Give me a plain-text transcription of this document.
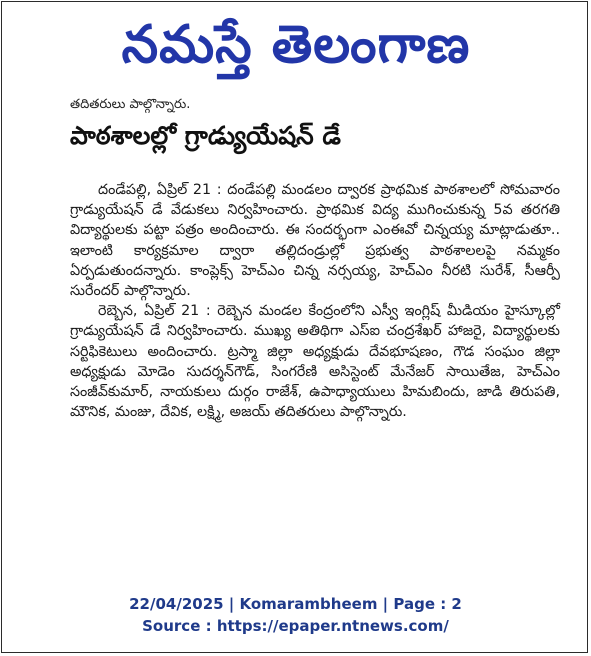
నమస్తే తెలంగాణ
తదితరులు పాల్గొన్నారు.
పాఠశాలల్లో గ్రాడ్యుయేషన్ డే

దండేపల్లి, ఏప్రిల్ 21 : దండేపల్లి మండలం ద్వారక ప్రాథమిక పాఠశాలలో సోమవారం గ్రాడ్యుయేషన్ డే వేడుకలు నిర్వహించారు. ప్రాథమిక విద్య ముగించుకున్న 5వ తరగతి విద్యార్థులకు పట్టా పత్రం అందించారు. ఈ సందర్భంగా ఎంఈవో చిన్నయ్య మాట్లాడుతూ.. ఇలాంటి కార్యక్రమాల ద్వారా తల్లిదండ్రుల్లో ప్రభుత్వ పాఠశాలలపై నమ్మకం ఏర్పడుతుందన్నారు. కాంప్లెక్స్ హెచ్ఎం చిన్న నర్సయ్య, హెచ్ఎం నీరటి సురేశ్, సీఆర్పీ సురేందర్ పాల్గొన్నారు.

రెబ్బెన, ఏప్రిల్ 21 : రెబ్బెన మండల కేంద్రంలోని ఎస్వీ ఇంగ్లిష్ మీడియం హైస్కూల్లో గ్రాడ్యుయేషన్ డే నిర్వహించారు. ముఖ్య అతిథిగా ఎస్ఐ చంద్రశేఖర్ హాజరై, విద్యార్థులకు సర్టిఫికెటులు అందించారు. ట్రస్మా జిల్లా అధ్యక్షుడు దేవభూషణం, గౌడ సంఘం జిల్లా అధ్యక్షుడు మోడెం సుదర్శన్‌గౌడ్, సింగరేణి అసిస్టెంట్ మేనేజర్ సాయితేజ, హెచ్ఎం సంజీవ్‌కుమార్, నాయకులు దుర్గం రాజేశ్, ఉపాధ్యాయులు హిమబిందు, జాడి తిరుపతి, మౌనిక, మంజు, దేవిక, లక్ష్మి, అజయ్ తదితరులు పాల్గొన్నారు.

22/04/2025 | Komarambheem | Page : 2
Source : https://epaper.ntnews.com/
